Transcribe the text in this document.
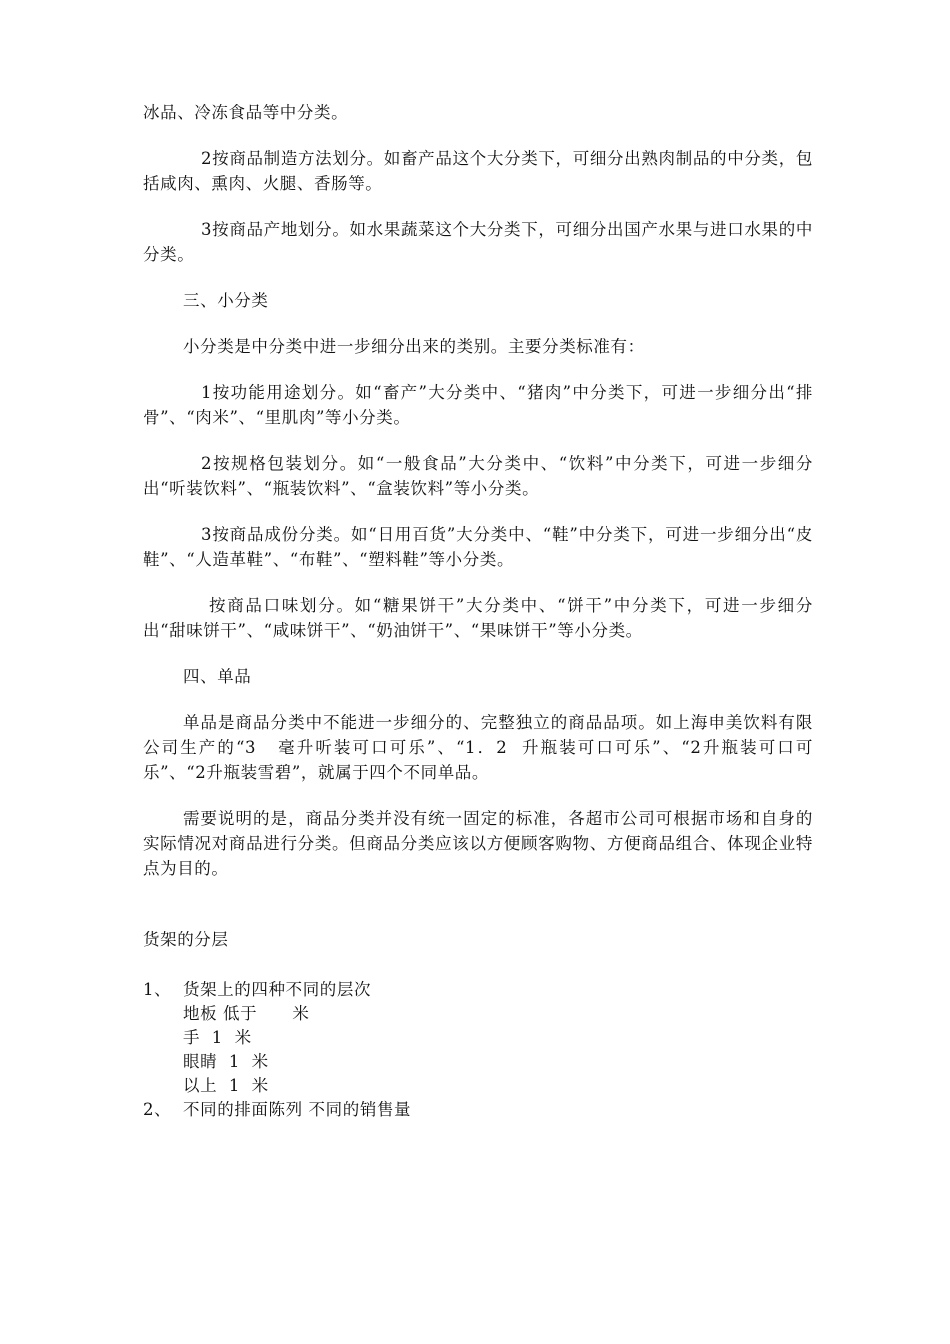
冰品、冷冻食品等中分类。

2按商品制造方法划分。如畜产品这个大分类下，可细分出熟肉制品的中分类，包括咸肉、熏肉、火腿、香肠等。

3按商品产地划分。如水果蔬菜这个大分类下，可细分出国产水果与进口水果的中分类。

三、小分类

小分类是中分类中进一步细分出来的类别。主要分类标准有：

1按功能用途划分。如“畜产”大分类中、“猪肉”中分类下，可进一步细分出“排骨”、“肉米”、“里肌肉”等小分类。

2按规格包装划分。如“一般食品”大分类中、“饮料”中分类下，可进一步细分出“听装饮料”、“瓶装饮料”、“盒装饮料”等小分类。

3按商品成份分类。如“日用百货”大分类中、“鞋”中分类下，可进一步细分出“皮鞋”、“人造革鞋”、“布鞋”、“塑料鞋”等小分类。

按商品口味划分。如“糖果饼干”大分类中、“饼干”中分类下，可进一步细分出“甜味饼干”、“咸味饼干”、“奶油饼干”、“果味饼干”等小分类。

四、单品

单品是商品分类中不能进一步细分的、完整独立的商品品项。如上海申美饮料有限公司生产的“3   毫升听装可口可乐”、“1．2  升瓶装可口可乐”、“2升瓶装可口可乐”、“2升瓶装雪碧”，就属于四个不同单品。

需要说明的是，商品分类并没有统一固定的标准，各超市公司可根据市场和自身的实际情况对商品进行分类。但商品分类应该以方便顾客购物、方便商品组合、体现企业特点为目的。

货架的分层

1、 货架上的四种不同的层次
地板 低于      米
手  1  米
眼睛  1  米
以上  1  米
2、 不同的排面陈列 不同的销售量
